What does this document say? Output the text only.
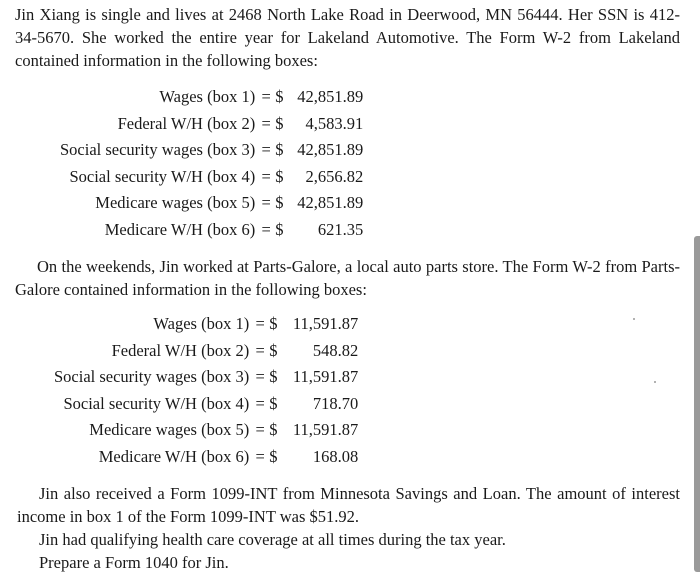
Jin Xiang is single and lives at 2468 North Lake Road in Deerwood, MN 56444. Her SSN is 412-34-5670. She worked the entire year for Lakeland Automotive. The Form W-2 from Lakeland contained information in the following boxes:

Wages (box 1)	=	$	42,851.89
Federal W/H (box 2)	=	$	4,583.91
Social security wages (box 3)	=	$	42,851.89
Social security W/H (box 4)	=	$	2,656.82
Medicare wages (box 5)	=	$	42,851.89
Medicare W/H (box 6)	=	$	621.35

On the weekends, Jin worked at Parts-Galore, a local auto parts store. The Form W-2 from Parts-Galore contained information in the following boxes:

Wages (box 1)	=	$	11,591.87
Federal W/H (box 2)	=	$	548.82
Social security wages (box 3)	=	$	11,591.87
Social security W/H (box 4)	=	$	718.70
Medicare wages (box 5)	=	$	11,591.87
Medicare W/H (box 6)	=	$	168.08

Jin also received a Form 1099-INT from Minnesota Savings and Loan. The amount of interest income in box 1 of the Form 1099-INT was $51.92.

Jin had qualifying health care coverage at all times during the tax year.

Prepare a Form 1040 for Jin.
